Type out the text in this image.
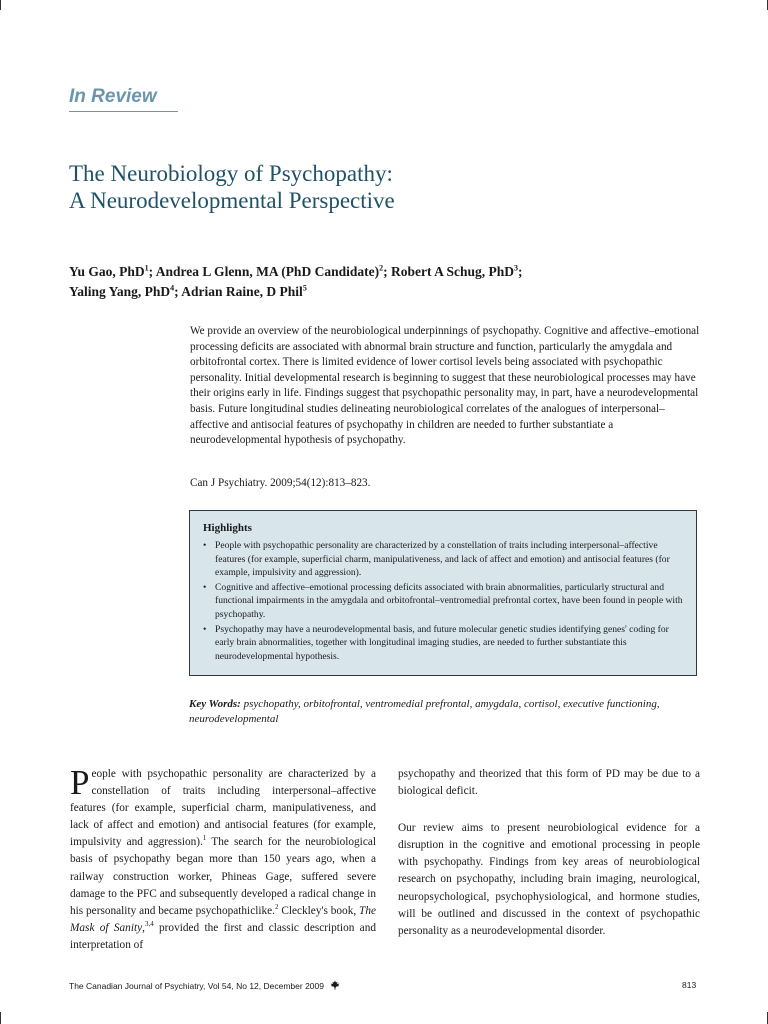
In Review
The Neurobiology of Psychopathy:
A Neurodevelopmental Perspective
Yu Gao, PhD$^1$; Andrea L Glenn, MA (PhD Candidate)$^2$; Robert A Schug, PhD$^3$;
Yaling Yang, PhD$^4$; Adrian Raine, D Phil$^5$
We provide an overview of the neurobiological underpinnings of psychopathy. Cognitive and affective–emotional processing deficits are associated with abnormal brain structure and function, particularly the amygdala and orbitofrontal cortex. There is limited evidence of lower cortisol levels being associated with psychopathic personality. Initial developmental research is beginning to suggest that these neurobiological processes may have their origins early in life. Findings suggest that psychopathic personality may, in part, have a neurodevelopmental basis. Future longitudinal studies delineating neurobiological correlates of the analogues of interpersonal–affective and antisocial features of psychopathy in children are needed to further substantiate a neurodevelopmental hypothesis of psychopathy.
Can J Psychiatry. 2009;54(12):813–823.
Highlights
• People with psychopathic personality are characterized by a constellation of traits including interpersonal–affective features (for example, superficial charm, manipulativeness, and lack of affect and emotion) and antisocial features (for example, impulsivity and aggression).
• Cognitive and affective–emotional processing deficits associated with brain abnormalities, particularly structural and functional impairments in the amygdala and orbitofrontal–ventromedial prefrontal cortex, have been found in people with psychopathy.
• Psychopathy may have a neurodevelopmental basis, and future molecular genetic studies identifying genes' coding for early brain abnormalities, together with longitudinal imaging studies, are needed to further substantiate this neurodevelopmental hypothesis.
Key Words: psychopathy, orbitofrontal, ventromedial prefrontal, amygdala, cortisol, executive functioning, neurodevelopmental
People with psychopathic personality are characterized by a constellation of traits including interpersonal–affective features (for example, superficial charm, manipulativeness, and lack of affect and emotion) and antisocial features (for example, impulsivity and aggression).$^1$ The search for the neurobiological basis of psychopathy began more than 150 years ago, when a railway construction worker, Phineas Gage, suffered severe damage to the PFC and subsequently developed a radical change in his personality and became psychopathiclike.$^2$ Cleckley's book, The Mask of Sanity,$^{3,4}$ provided the first and classic description and interpretation of

psychopathy and theorized that this form of PD may be due to a biological deficit.

Our review aims to present neurobiological evidence for a disruption in the cognitive and emotional processing in people with psychopathy. Findings from key areas of neurobiological research on psychopathy, including brain imaging, neurological, neuropsychological, psychophysiological, and hormone studies, will be outlined and discussed in the context of psychopathic personality as a neurodevelopmental disorder.

The Canadian Journal of Psychiatry, Vol 54, No 12, December 2009	813
